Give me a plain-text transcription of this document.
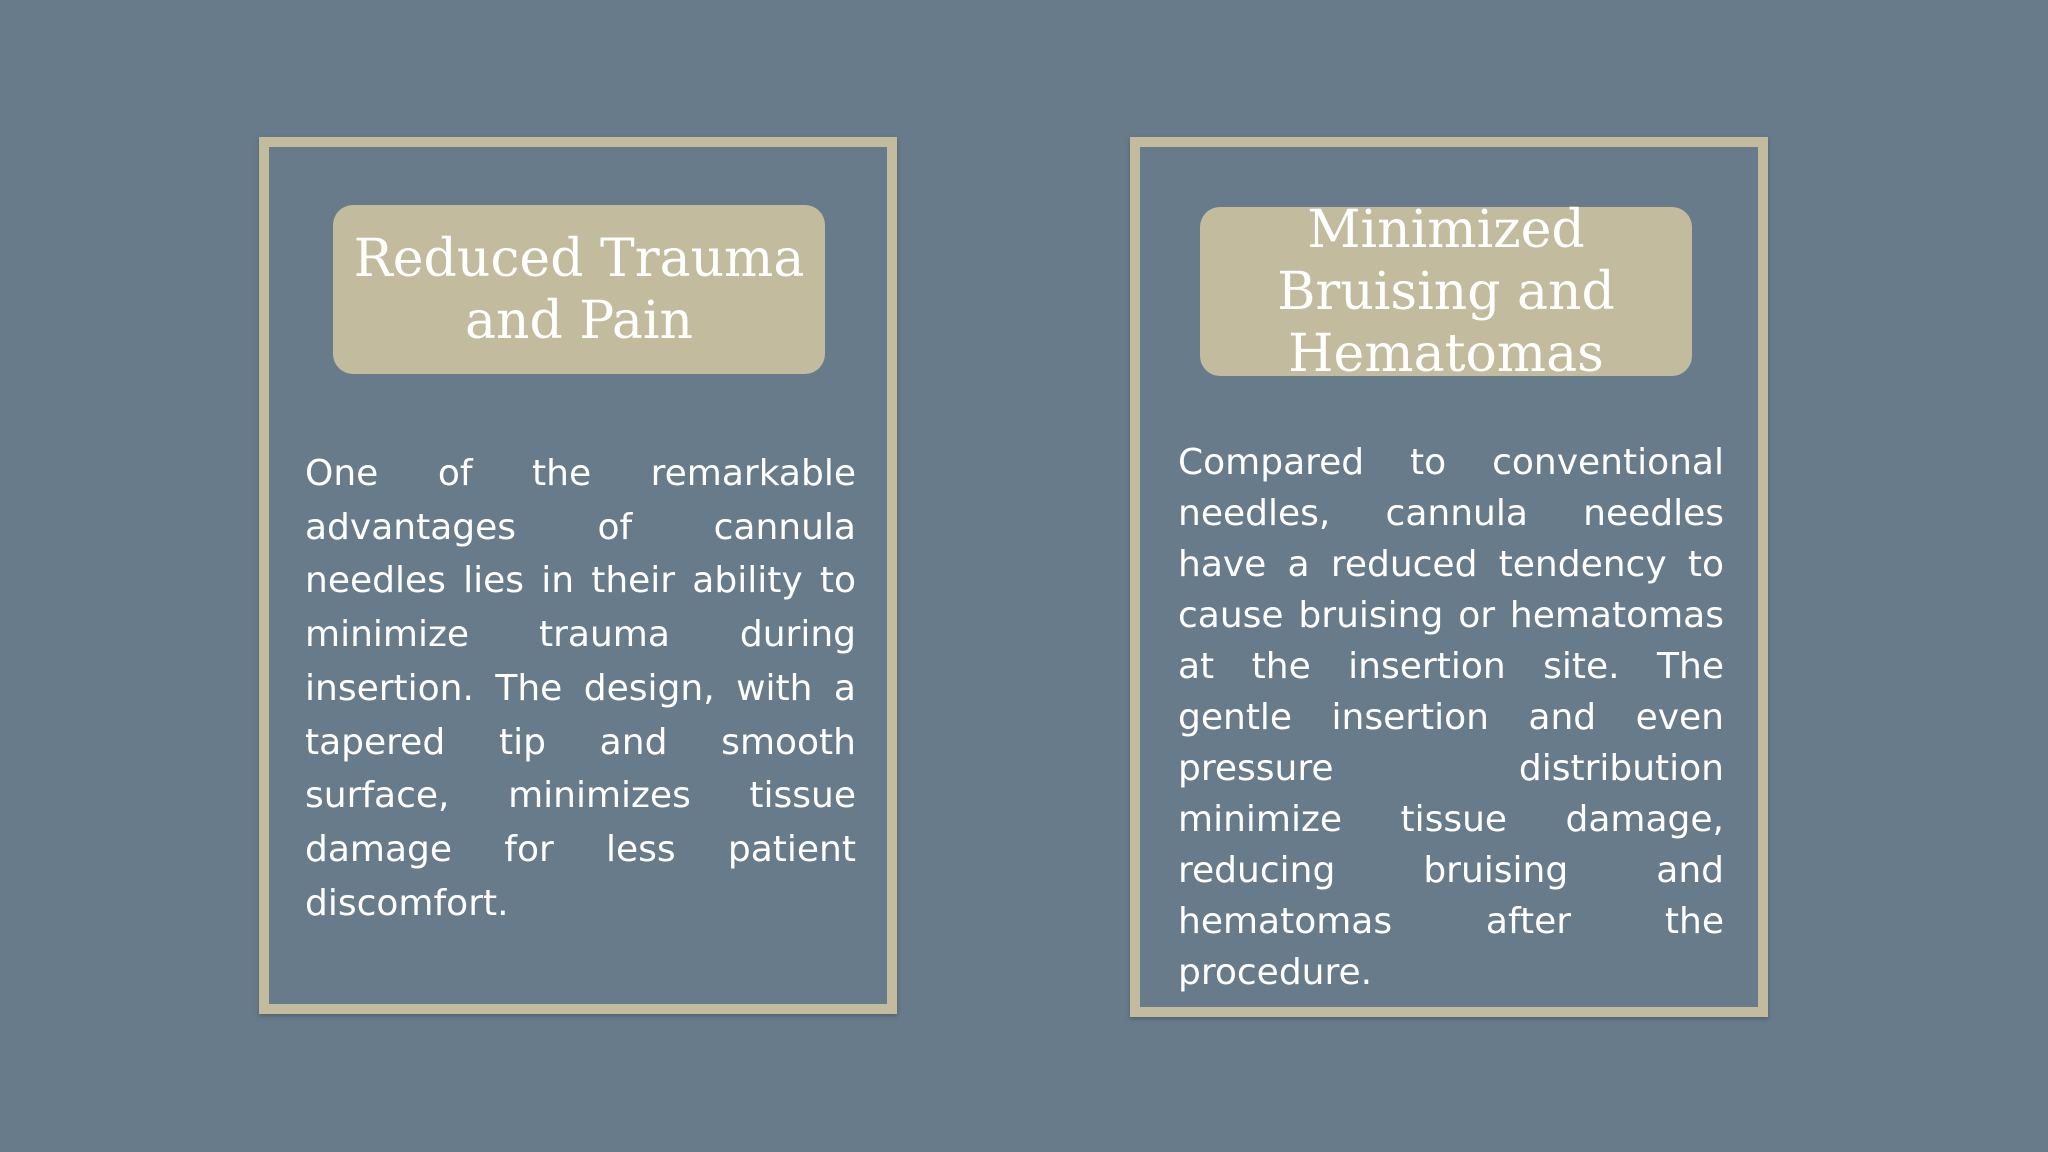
Reduced Trauma and Pain

One of the remarkable advantages of cannula needles lies in their ability to minimize trauma during insertion. The design, with a tapered tip and smooth surface, minimizes tissue damage for less patient discomfort.

Minimized Bruising and Hematomas

Compared to conventional needles, cannula needles have a reduced tendency to cause bruising or hematomas at the insertion site. The gentle insertion and even pressure distribution minimize tissue damage, reducing bruising and hematomas after the procedure.
